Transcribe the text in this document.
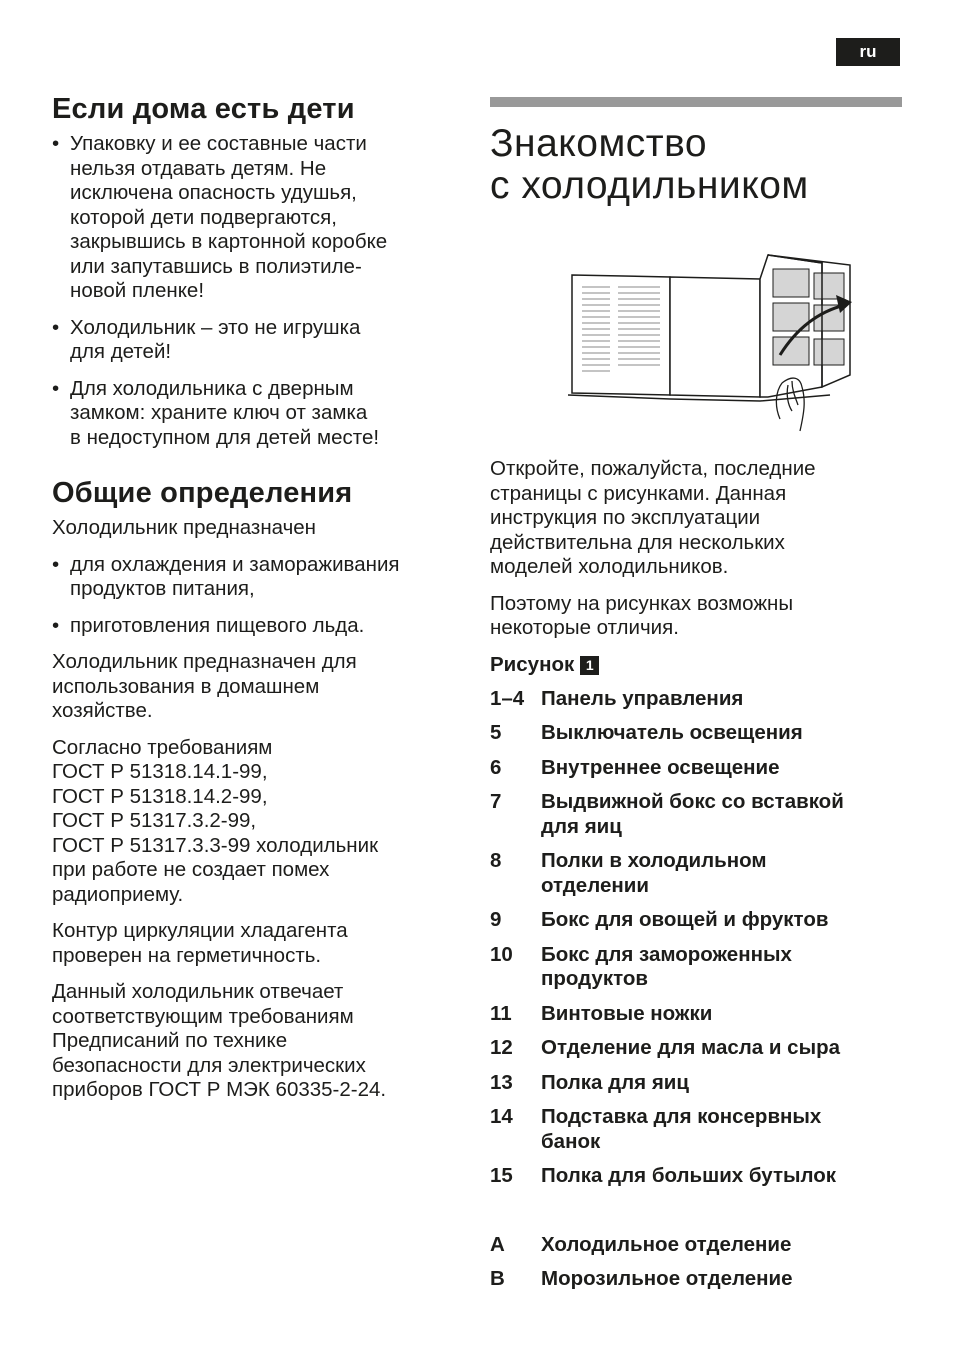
ru
Если дома есть дети
• Упаковку и ее составные части
нельзя отдавать детям. Не
исключена опасность удушья,
которой дети подвергаются,
закрывшись в картонной коробке
или запутавшись в полиэтиле-
новой пленке!
• Холодильник – это не игрушка
для детей!
• Для холодильника с дверным
замком: храните ключ от замка
в недоступном для детей месте!
Общие определения

Холодильник предназначен

• для охлаждения и замораживания
продуктов питания,
• приготовления пищевого льда.

Холодильник предназначен для
использования в домашнем
хозяйстве.

Согласно требованиям
ГОСТ Р 51318.14.1-99,
ГОСТ Р 51318.14.2-99,
ГОСТ Р 51317.3.2-99,
ГОСТ Р 51317.3.3-99 холодильник
при работе не создает помех
радиоприему.

Контур циркуляции хладагента
проверен на герметичность.

Данный холодильник отвечает
соответствующим требованиям
Предписаний по технике
безопасности для электрических
приборов ГОСТ Р МЭК 60335-2-24.

Знакомство
с холодильником

Откройте, пожалуйста, последние
страницы с рисунками. Данная
инструкция по эксплуатации
действительна для нескольких
моделей холодильников.

Поэтому на рисунках возможны
некоторые отличия.

Рисунок 1
1–4 Панель управления
5	Выключатель освещения
6	Внутреннее освещение
7	Выдвижной бокс со вставкой
для яиц
8	Полки в холодильном
отделении
9	Бокс для овощей и фруктов
10	Бокс для замороженных
продуктов
11	Винтовые ножки
12	Отделение для масла и сыра
13	Полка для яиц
14	Подставка для консервных
банок
15	Полка для больших бутылок
A	Холодильное отделение
B	Морозильное отделение
